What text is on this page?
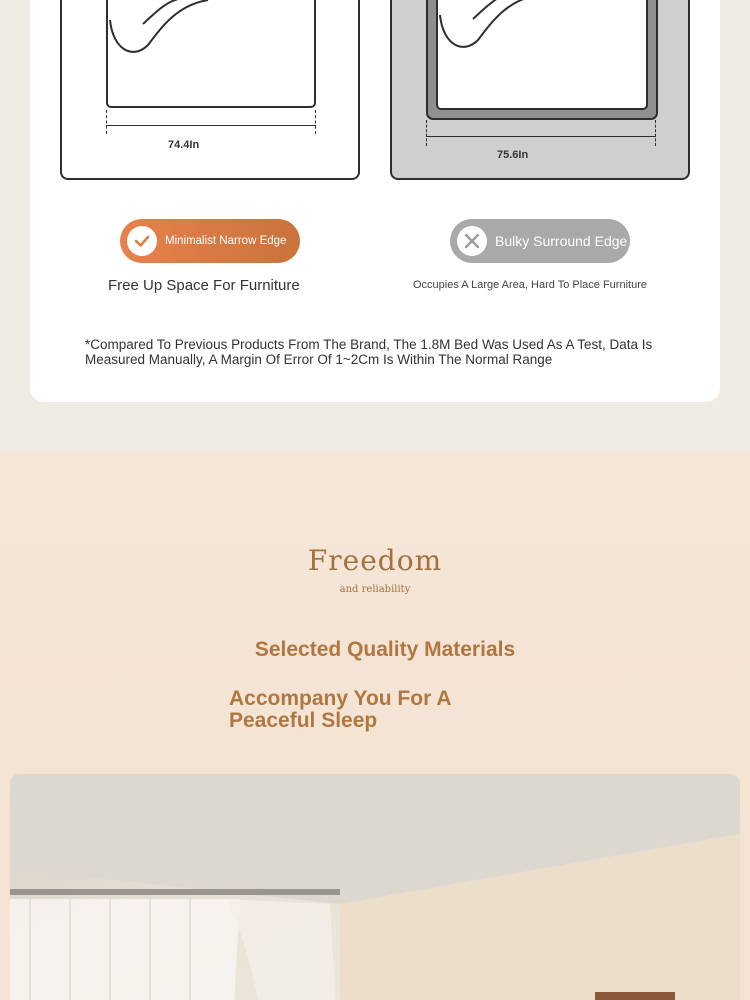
74.4In
75.6In
Minimalist Narrow Edge	Bulky Surround Edge
Free Up Space For Furniture	Occupies A Large Area, Hard To Place Furniture
*Compared To Previous Products From The Brand, The 1.8M Bed Was Used As A Test, Data Is Measured Manually, A Margin Of Error Of 1~2Cm Is Within The Normal Range
Freedom
and reliability
Selected Quality Materials
Accompany You For A Peaceful Sleep
